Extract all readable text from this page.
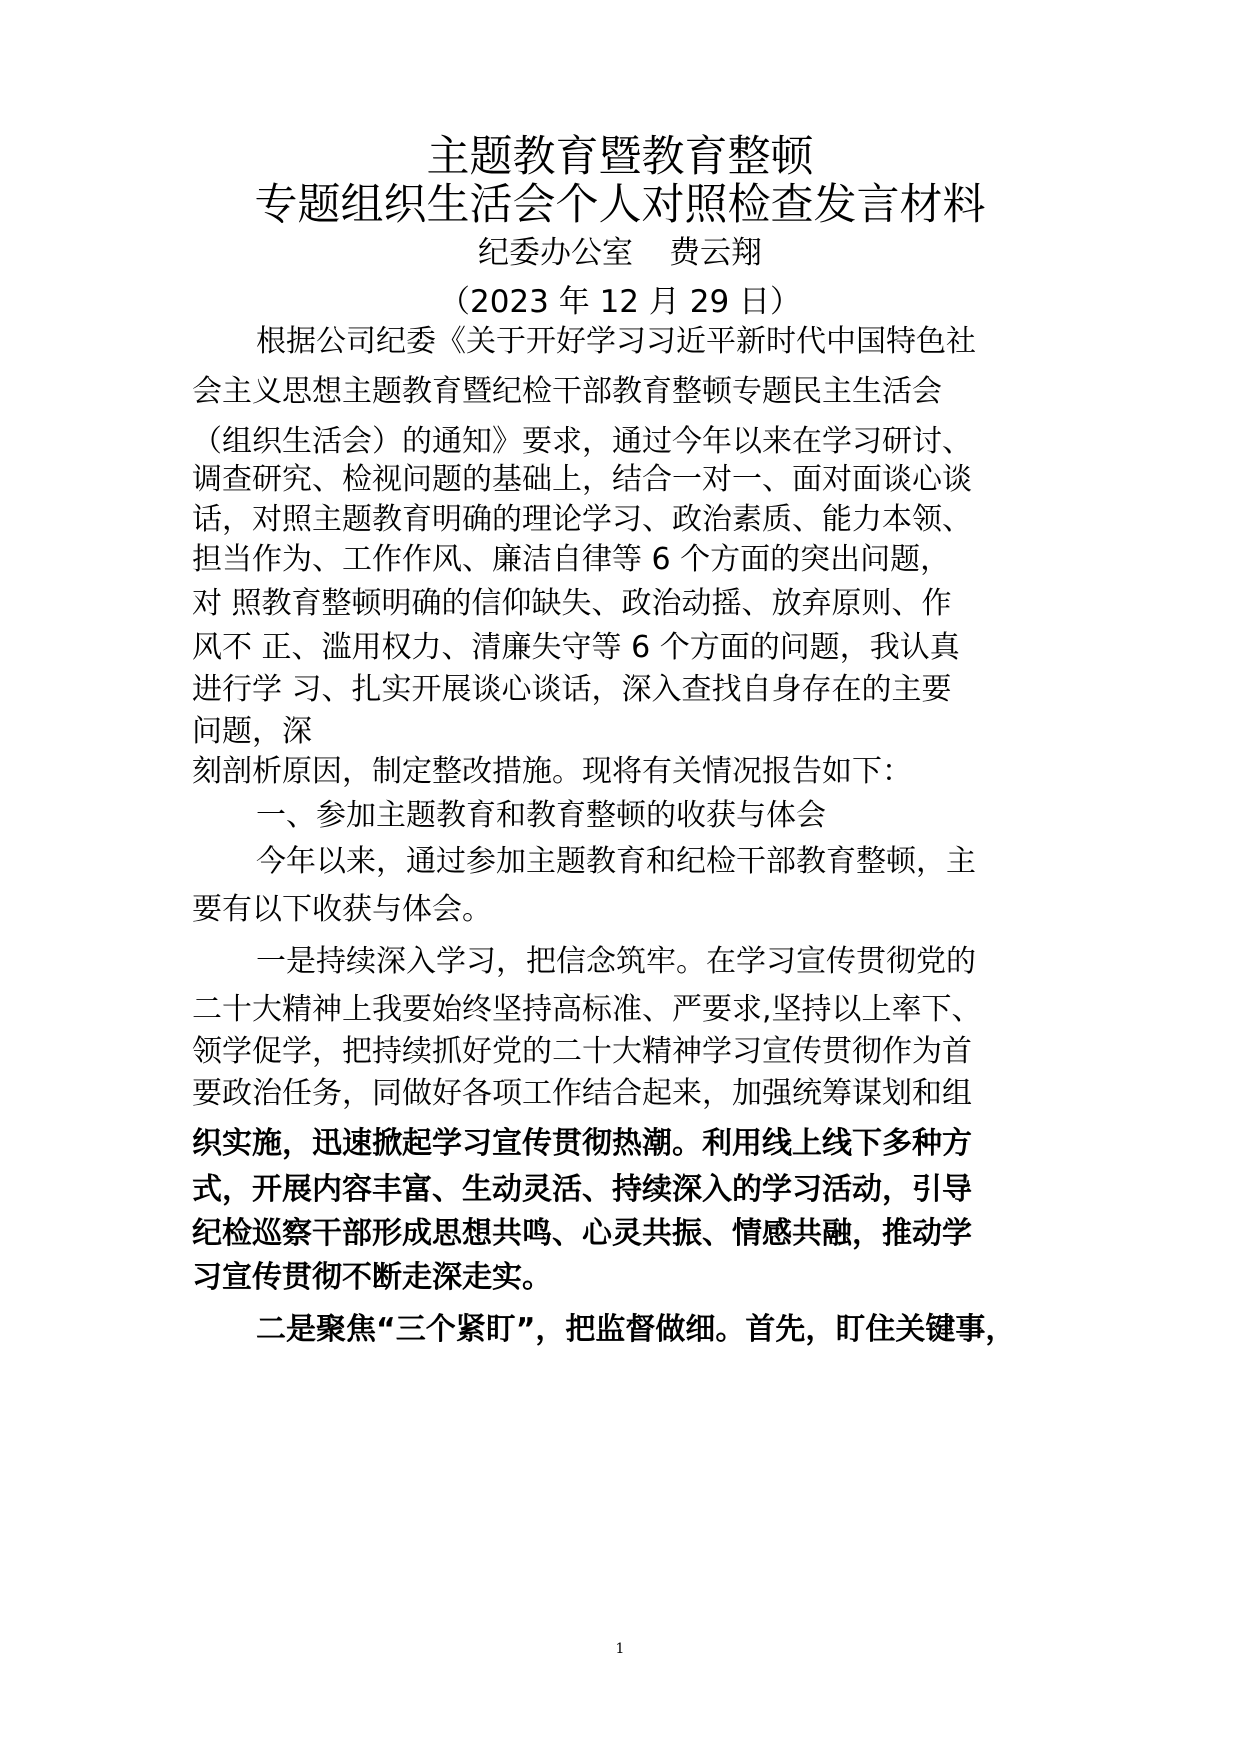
主题教育暨教育整顿
专题组织生活会个人对照检查发言材料
纪委办公室 费云翔
（2023 年 12 月 29 日）
根据公司纪委《关于开好学习习近平新时代中国特色社
会主义思想主题教育暨纪检干部教育整顿专题民主生活会
（组织生活会）的通知》要求，通过今年以来在学习研讨、
调查研究、检视问题的基础上，结合一对一、面对面谈心谈
话，对照主题教育明确的理论学习、政治素质、能力本领、
担当作为、工作作风、廉洁自律等 6 个方面的突出问题，
对 照教育整顿明确的信仰缺失、政治动摇、放弃原则、作
风不 正、滥用权力、清廉失守等 6 个方面的问题，我认真
进行学 习、扎实开展谈心谈话，深入查找自身存在的主要
问题，深
刻剖析原因，制定整改措施。现将有关情况报告如下：
一、参加主题教育和教育整顿的收获与体会
今年以来，通过参加主题教育和纪检干部教育整顿，主
要有以下收获与体会。
一是持续深入学习，把信念筑牢。在学习宣传贯彻党的
二十大精神上我要始终坚持高标准、严要求,坚持以上率下、
领学促学，把持续抓好党的二十大精神学习宣传贯彻作为首
要政治任务，同做好各项工作结合起来，加强统筹谋划和组
织实施，迅速掀起学习宣传贯彻热潮。利用线上线下多种方
式，开展内容丰富、生动灵活、持续深入的学习活动，引导
纪检巡察干部形成思想共鸣、心灵共振、情感共融，推动学
习宣传贯彻不断走深走实。
二是聚焦“三个紧盯”，把监督做细。首先，盯住关键事，
1
